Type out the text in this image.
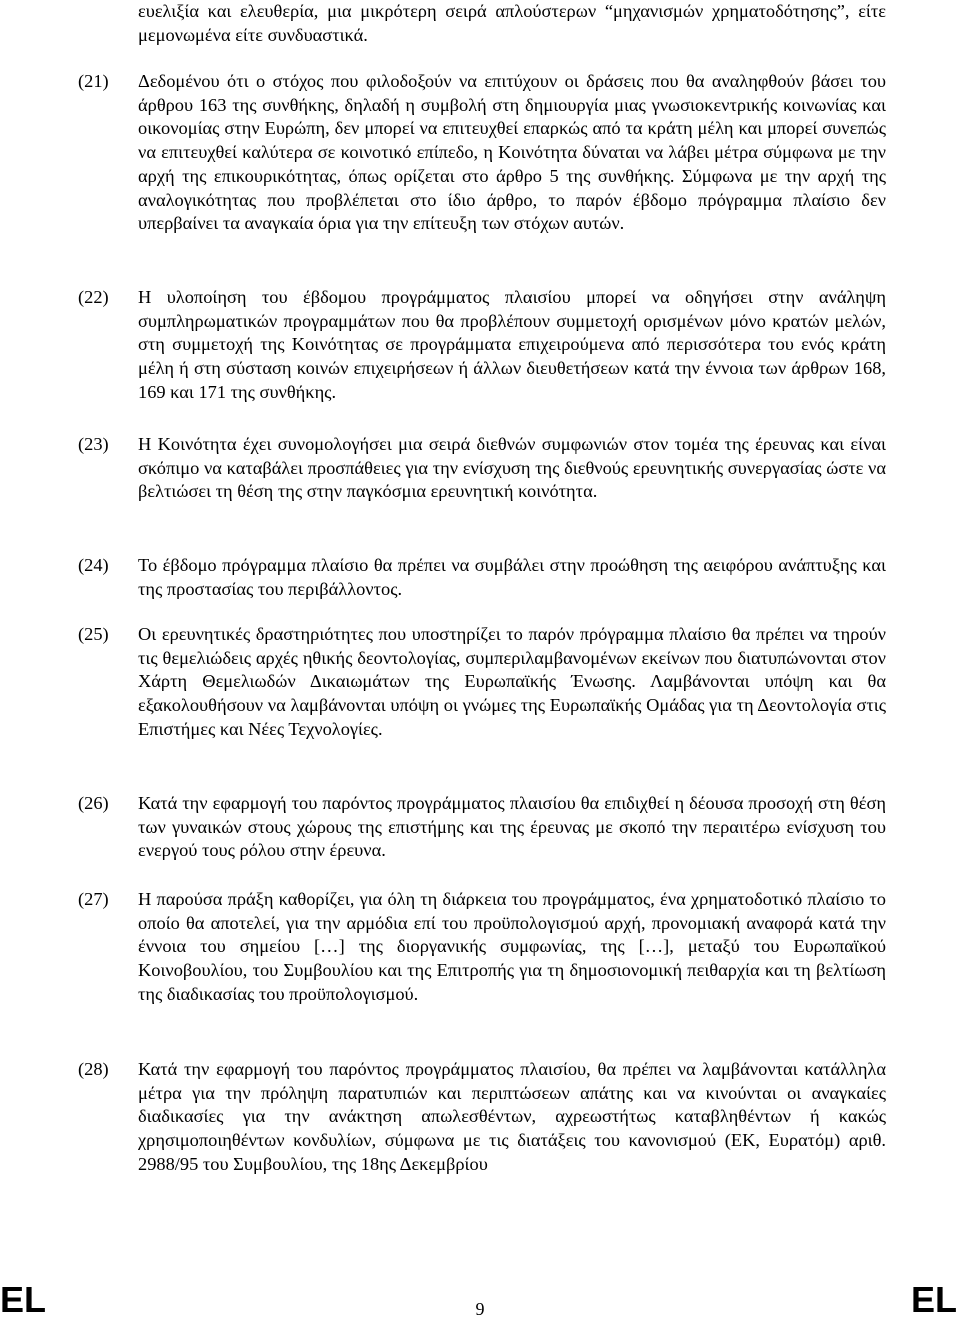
ευελιξία και ελευθερία, μια μικρότερη σειρά απλούστερων “μηχανισμών χρηματοδότησης”, είτε μεμονωμένα είτε συνδυαστικά.
(21)	Δεδομένου ότι ο στόχος που φιλοδοξούν να επιτύχουν οι δράσεις που θα αναληφθούν βάσει του άρθρου 163 της συνθήκης, δηλαδή η συμβολή στη δημιουργία μιας γνωσιοκεντρικής κοινωνίας και οικονομίας στην Ευρώπη, δεν μπορεί να επιτευχθεί επαρκώς από τα κράτη μέλη και μπορεί συνεπώς να επιτευχθεί καλύτερα σε κοινοτικό επίπεδο, η Κοινότητα δύναται να λάβει μέτρα σύμφωνα με την αρχή της επικουρικότητας, όπως ορίζεται στο άρθρο 5 της συνθήκης. Σύμφωνα με την αρχή της αναλογικότητας που προβλέπεται στο ίδιο άρθρο, το παρόν έβδομο πρόγραμμα πλαίσιο δεν υπερβαίνει τα αναγκαία όρια για την επίτευξη των στόχων αυτών.
(22)	Η υλοποίηση του έβδομου προγράμματος πλαισίου μπορεί να οδηγήσει στην ανάληψη συμπληρωματικών προγραμμάτων που θα προβλέπουν συμμετοχή ορισμένων μόνο κρατών μελών, στη συμμετοχή της Κοινότητας σε προγράμματα επιχειρούμενα από περισσότερα του ενός κράτη μέλη ή στη σύσταση κοινών επιχειρήσεων ή άλλων διευθετήσεων κατά την έννοια των άρθρων 168, 169 και 171 της συνθήκης.
(23)	Η Κοινότητα έχει συνομολογήσει μια σειρά διεθνών συμφωνιών στον τομέα της έρευνας και είναι σκόπιμο να καταβάλει προσπάθειες για την ενίσχυση της διεθνούς ερευνητικής συνεργασίας ώστε να βελτιώσει τη θέση της στην παγκόσμια ερευνητική κοινότητα.
(24)	Το έβδομο πρόγραμμα πλαίσιο θα πρέπει να συμβάλει στην προώθηση της αειφόρου ανάπτυξης και της προστασίας του περιβάλλοντος.
(25)	Οι ερευνητικές δραστηριότητες που υποστηρίζει το παρόν πρόγραμμα πλαίσιο θα πρέπει να τηρούν τις θεμελιώδεις αρχές ηθικής δεοντολογίας, συμπεριλαμβανομένων εκείνων που διατυπώνονται στον Χάρτη Θεμελιωδών Δικαιωμάτων της Ευρωπαϊκής Ένωσης. Λαμβάνονται υπόψη και θα εξακολουθήσουν να λαμβάνονται υπόψη οι γνώμες της Ευρωπαϊκής Ομάδας για τη Δεοντολογία στις Επιστήμες και Νέες Τεχνολογίες.
(26)	Κατά την εφαρμογή του παρόντος προγράμματος πλαισίου θα επιδιχθεί η δέουσα προσοχή στη θέση των γυναικών στους χώρους της επιστήμης και της έρευνας με σκοπό την περαιτέρω ενίσχυση του ενεργού τους ρόλου στην έρευνα.
(27)	Η παρούσα πράξη καθορίζει, για όλη τη διάρκεια του προγράμματος, ένα χρηματοδοτικό πλαίσιο το οποίο θα αποτελεί, για την αρμόδια επί του προϋπολογισμού αρχή, προνομιακή αναφορά κατά την έννοια του σημείου […] της διοργανικής συμφωνίας, της […], μεταξύ του Ευρωπαϊκού Κοινοβουλίου, του Συμβουλίου και της Επιτροπής για τη δημοσιονομική πειθαρχία και τη βελτίωση της διαδικασίας του προϋπολογισμού.
(28)	Κατά την εφαρμογή του παρόντος προγράμματος πλαισίου, θα πρέπει να λαμβάνονται κατάλληλα μέτρα για την πρόληψη παρατυπιών και περιπτώσεων απάτης και να κινούνται οι αναγκαίες διαδικασίες για την ανάκτηση απωλεσθέντων, αχρεωστήτως καταβληθέντων ή κακώς χρησιμοποιηθέντων κονδυλίων, σύμφωνα με τις διατάξεις του κανονισμού (ΕΚ, Ευρατόμ) αριθ. 2988/95 του Συμβουλίου, της 18ης Δεκεμβρίου
EL	9	EL
